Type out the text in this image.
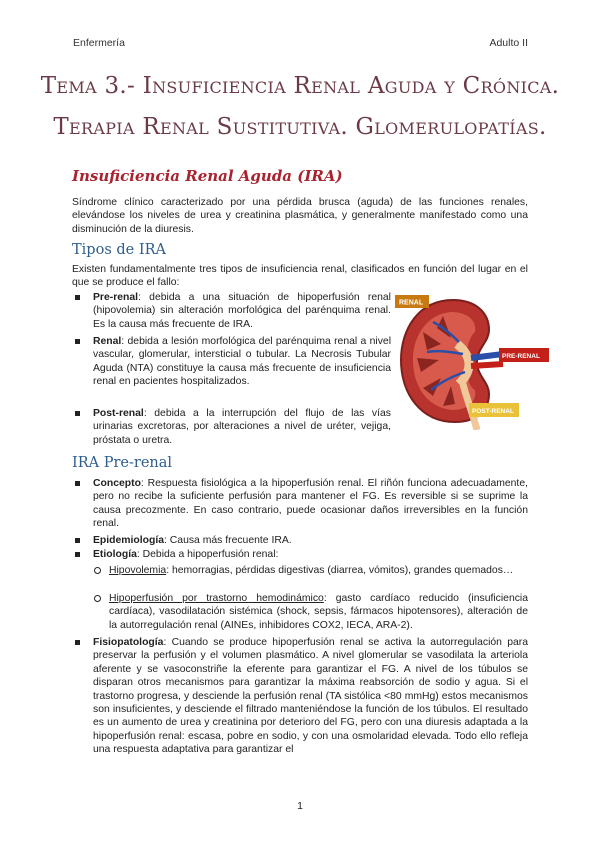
Enfermería	Adulto II
Tema 3.- Insuficiencia Renal Aguda y Crónica.
Terapia Renal Sustitutiva. Glomerulopatías.
Insuficiencia Renal Aguda (IRA)
Síndrome clínico caracterizado por una pérdida brusca (aguda) de las funciones renales, elevándose los niveles de urea y creatinina plasmática, y generalmente manifestado como una disminución de la diuresis.
Tipos de IRA
Existen fundamentalmente tres tipos de insuficiencia renal, clasificados en función del lugar en el que se produce el fallo:
Pre-renal: debida a una situación de hipoperfusión renal (hipovolemia) sin alteración morfológica del parénquima renal. Es la causa más frecuente de IRA.
Renal: debida a lesión morfológica del parénquima renal a nivel vascular, glomerular, intersticial o tubular. La Necrosis Tubular Aguda (NTA) constituye la causa más frecuente de insuficiencia renal en pacientes hospitalizados.
Post-renal: debida a la interrupción del flujo de las vías urinarias excretoras, por alteraciones a nivel de uréter, vejiga, próstata o uretra.
RENAL
PRE-RENAL
POST-RENAL
IRA Pre-renal
Concepto: Respuesta fisiológica a la hipoperfusión renal. El riñón funciona adecuadamente, pero no recibe la suficiente perfusión para mantener el FG. Es reversible si se suprime la causa precozmente. En caso contrario, puede ocasionar daños irreversibles en la función renal.
Epidemiología: Causa más frecuente IRA.
Etiología: Debida a hipoperfusión renal:
Hipovolemia: hemorragias, pérdidas digestivas (diarrea, vómitos), grandes quemados…
Hipoperfusión por trastorno hemodinámico: gasto cardíaco reducido (insuficiencia cardíaca), vasodilatación sistémica (shock, sepsis, fármacos hipotensores), alteración de la autorregulación renal (AINEs, inhibidores COX2, IECA, ARA-2).
Fisiopatología: Cuando se produce hipoperfusión renal se activa la autorregulación para preservar la perfusión y el volumen plasmático. A nivel glomerular se vasodilata la arteriola aferente y se vasoconstriñe la eferente para garantizar el FG. A nivel de los túbulos se disparan otros mecanismos para garantizar la máxima reabsorción de sodio y agua. Si el trastorno progresa, y desciende la perfusión renal (TA sistólica <80 mmHg) estos mecanismos son insuficientes, y desciende el filtrado manteniéndose la función de los túbulos. El resultado es un aumento de urea y creatinina por deterioro del FG, pero con una diuresis adaptada a la hipoperfusión renal: escasa, pobre en sodio, y con una osmolaridad elevada. Todo ello refleja una respuesta adaptativa para garantizar el
1
